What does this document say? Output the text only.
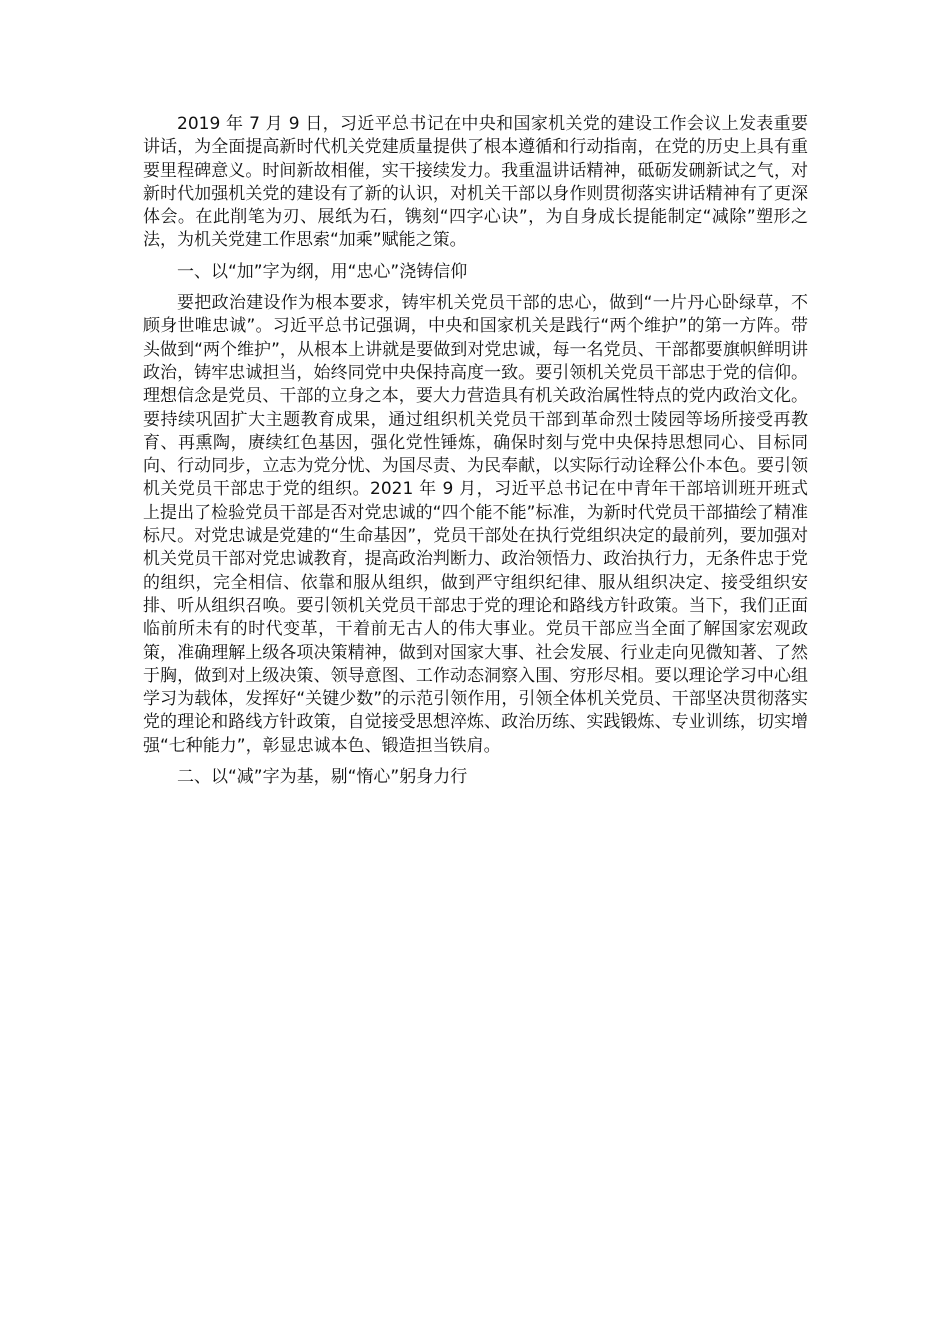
2019 年 7 月 9 日，习近平总书记在中央和国家机关党的建设工作会议上发表重要讲话，为全面提高新时代机关党建质量提供了根本遵循和行动指南，在党的历史上具有重要里程碑意义。时间新故相催，实干接续发力。我重温讲话精神，砥砺发硎新试之气，对新时代加强机关党的建设有了新的认识，对机关干部以身作则贯彻落实讲话精神有了更深体会。在此削笔为刃、展纸为石，镌刻“四字心诀”，为自身成长提能制定“减除”塑形之法，为机关党建工作思索“加乘”赋能之策。

一、以“加”字为纲，用“忠心”浇铸信仰

要把政治建设作为根本要求，铸牢机关党员干部的忠心，做到“一片丹心卧绿草，不顾身世唯忠诚”。习近平总书记强调，中央和国家机关是践行“两个维护”的第一方阵。带头做到“两个维护”，从根本上讲就是要做到对党忠诚，每一名党员、干部都要旗帜鲜明讲政治，铸牢忠诚担当，始终同党中央保持高度一致。要引领机关党员干部忠于党的信仰。理想信念是党员、干部的立身之本，要大力营造具有机关政治属性特点的党内政治文化。要持续巩固扩大主题教育成果，通过组织机关党员干部到革命烈士陵园等场所接受再教育、再熏陶，赓续红色基因，强化党性锤炼，确保时刻与党中央保持思想同心、目标同向、行动同步，立志为党分忧、为国尽责、为民奉献，以实际行动诠释公仆本色。要引领机关党员干部忠于党的组织。2021 年 9 月，习近平总书记在中青年干部培训班开班式上提出了检验党员干部是否对党忠诚的“四个能不能”标准，为新时代党员干部描绘了精准标尺。对党忠诚是党建的“生命基因”，党员干部处在执行党组织决定的最前列，要加强对机关党员干部对党忠诚教育，提高政治判断力、政治领悟力、政治执行力，无条件忠于党的组织，完全相信、依靠和服从组织，做到严守组织纪律、服从组织决定、接受组织安排、听从组织召唤。要引领机关党员干部忠于党的理论和路线方针政策。当下，我们正面临前所未有的时代变革，干着前无古人的伟大事业。党员干部应当全面了解国家宏观政策，准确理解上级各项决策精神，做到对国家大事、社会发展、行业走向见微知著、了然于胸，做到对上级决策、领导意图、工作动态洞察入围、穷形尽相。要以理论学习中心组学习为载体，发挥好“关键少数”的示范引领作用，引领全体机关党员、干部坚决贯彻落实党的理论和路线方针政策，自觉接受思想淬炼、政治历练、实践锻炼、专业训练，切实增强“七种能力”，彰显忠诚本色、锻造担当铁肩。

二、以“减”字为基，剔“惰心”躬身力行
